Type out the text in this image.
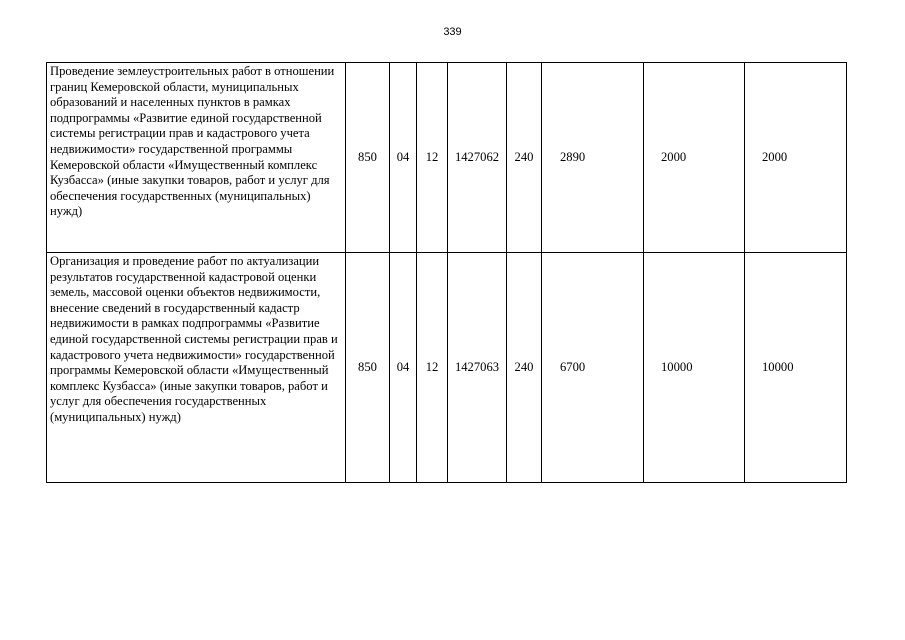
339
Проведение землеустроительных работ в отношении границ Кемеровской области, муниципальных образований и населенных пунктов в рамках подпрограммы «Развитие единой государственной системы регистрации прав и кадастрового учета недвижимости» государственной программы Кемеровской области «Имущественный комплекс Кузбасса» (иные закупки товаров, работ и услуг для обеспечения государственных (муниципальных) нужд)	850	04	12	1427062	240	2890	2000	2000
Организация и проведение работ по актуализации результатов государственной кадастровой оценки земель, массовой оценки объектов недвижимости, внесение сведений в государственный кадастр недвижимости в рамках подпрограммы «Развитие единой государственной системы регистрации прав и кадастрового учета недвижимости» государственной программы Кемеровской области «Имущественный комплекс Кузбасса» (иные закупки товаров, работ и услуг для обеспечения государственных (муниципальных) нужд)	850	04	12	1427063	240	6700	10000	10000
